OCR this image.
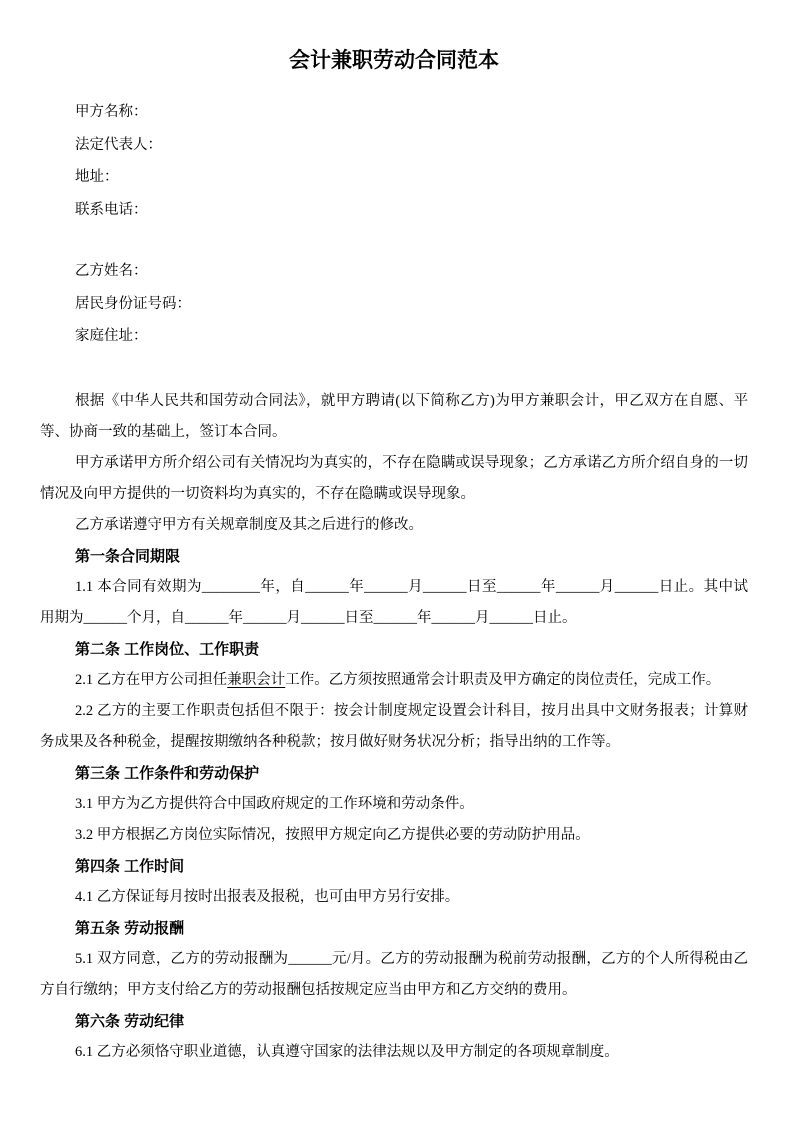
会计兼职劳动合同范本

甲方名称：

法定代表人：

地址：

联系电话：

乙方姓名：

居民身份证号码：

家庭住址：

根据《中华人民共和国劳动合同法》，就甲方聘请(以下简称乙方)为甲方兼职会计，甲乙双方在自愿、平等、协商一致的基础上，签订本合同。

甲方承诺甲方所介绍公司有关情况均为真实的，不存在隐瞒或误导现象；乙方承诺乙方所介绍自身的一切情况及向甲方提供的一切资料均为真实的，不存在隐瞒或误导现象。

乙方承诺遵守甲方有关规章制度及其之后进行的修改。

第一条合同期限

1.1 本合同有效期为________年，自______年______月______日至______年______月______日止。其中试用期为______个月，自______年______月______日至______年______月______日止。

第二条 工作岗位、工作职责

2.1 乙方在甲方公司担任兼职会计工作。乙方须按照通常会计职责及甲方确定的岗位责任，完成工作。

2.2 乙方的主要工作职责包括但不限于：按会计制度规定设置会计科目，按月出具中文财务报表；计算财务成果及各种税金，提醒按期缴纳各种税款；按月做好财务状况分析；指导出纳的工作等。

第三条 工作条件和劳动保护

3.1 甲方为乙方提供符合中国政府规定的工作环境和劳动条件。

3.2 甲方根据乙方岗位实际情况，按照甲方规定向乙方提供必要的劳动防护用品。

第四条 工作时间

4.1 乙方保证每月按时出报表及报税，也可由甲方另行安排。

第五条 劳动报酬

5.1 双方同意，乙方的劳动报酬为______元/月。乙方的劳动报酬为税前劳动报酬，乙方的个人所得税由乙方自行缴纳；甲方支付给乙方的劳动报酬包括按规定应当由甲方和乙方交纳的费用。

第六条 劳动纪律

6.1 乙方必须恪守职业道德，认真遵守国家的法律法规以及甲方制定的各项规章制度。
